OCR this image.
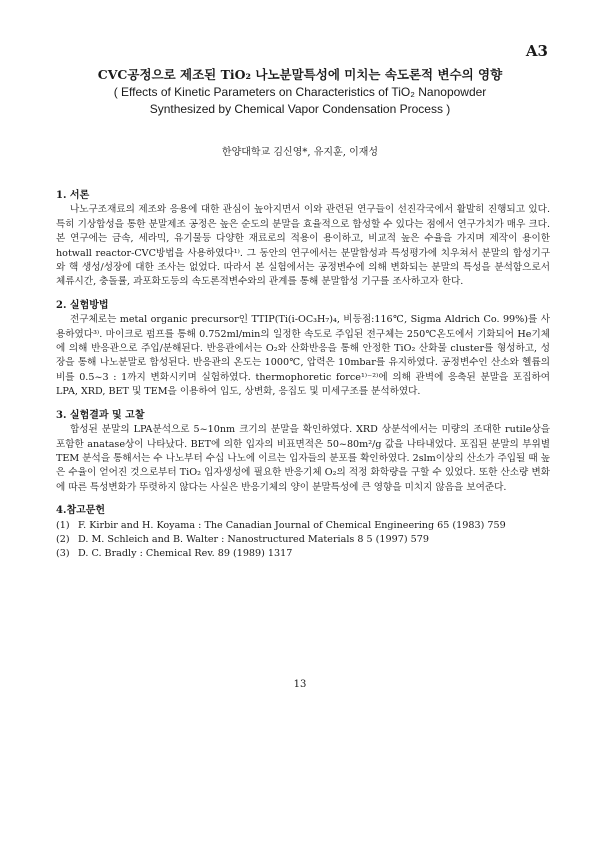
A3
CVC공정으로 제조된 TiO₂ 나노분말특성에 미치는 속도론적 변수의 영향
( Effects of Kinetic Parameters on Characteristics of TiO₂ Nanopowder
Synthesized by Chemical Vapor Condensation Process )
한양대학교 김신영*, 유지훈, 이재성

1. 서론

나노구조재료의 제조와 응용에 대한 관심이 높아지면서 이와 관련된 연구들이 선진각국에서 활발히 진행되고 있다. 특히 기상합성을 통한 분말제조 공정은 높은 순도의 분말을 효율적으로 합성할 수 있다는 점에서 연구가치가 매우 크다. 본 연구에는 금속, 세라믹, 유기물등 다양한 재료로의 적용이 용이하고, 비교적 높은 수율을 가지며 제작이 용이한 hotwall reactor-CVC방법을 사용하였다¹⁾. 그 동안의 연구에서는 분말합성과 특성평가에 치우쳐서 분말의 합성기구와 핵 생성/성장에 대한 조사는 없었다. 따라서 본 실험에서는 공정변수에 의해 변화되는 분말의 특성을 분석함으로서 체류시간, 충돌률, 과포화도등의 속도론적변수와의 관계를 통해 분말합성 기구를 조사하고자 한다.

2. 실험방법

전구체로는 metal organic precursor인 TTIP(Ti(i-OC₃H₇)₄, 비등점:116℃, Sigma Aldrich Co. 99%)를 사용하였다³⁾. 마이크로 펌프를 통해 0.752ml/min의 일정한 속도로 주입된 전구체는 250℃온도에서 기화되어 He기체에 의해 반응관으로 주입/분해된다. 반응관에서는 O₂와 산화반응을 통해 안정한 TiO₂ 산화물 cluster를 형성하고, 성장을 통해 나노분말로 합성된다. 반응관의 온도는 1000℃, 압력은 10mbar를 유지하였다. 공정변수인 산소와 헬륨의 비를 0.5~3 : 1까지 변화시키며 실험하였다. thermophoretic force¹⁾⁻²⁾에 의해 관벽에 응축된 분말을 포집하여 LPA, XRD, BET 및 TEM을 이용하여 입도, 상변화, 응집도 및 미세구조를 분석하였다.

3. 실험결과 및 고찰

합성된 분말의 LPA분석으로 5~10nm 크기의 분말을 확인하였다. XRD 상분석에서는 미량의 조대한 rutile상을 포함한 anatase상이 나타났다. BET에 의한 입자의 비표면적은 50~80m²/g 값을 나타내었다. 포집된 분말의 부위별 TEM 분석을 통해서는 수 나노부터 수십 나노에 이르는 입자들의 분포를 확인하였다. 2slm이상의 산소가 주입될 때 높은 수율이 얻어진 것으로부터 TiO₂ 입자생성에 필요한 반응기체 O₂의 적정 화학량을 구할 수 있었다. 또한 산소량 변화에 따른 특성변화가 뚜렷하지 않다는 사실은 반응기체의 양이 분말특성에 큰 영향을 미치지 않음을 보여준다.

4.참고문헌

(1) F. Kirbir and H. Koyama : The Canadian Journal of Chemical Engineering 65 (1983) 759
(2) D. M. Schleich and B. Walter : Nanostructured Materials 8 5 (1997) 579
(3) D. C. Bradly : Chemical Rev. 89 (1989) 1317
13
